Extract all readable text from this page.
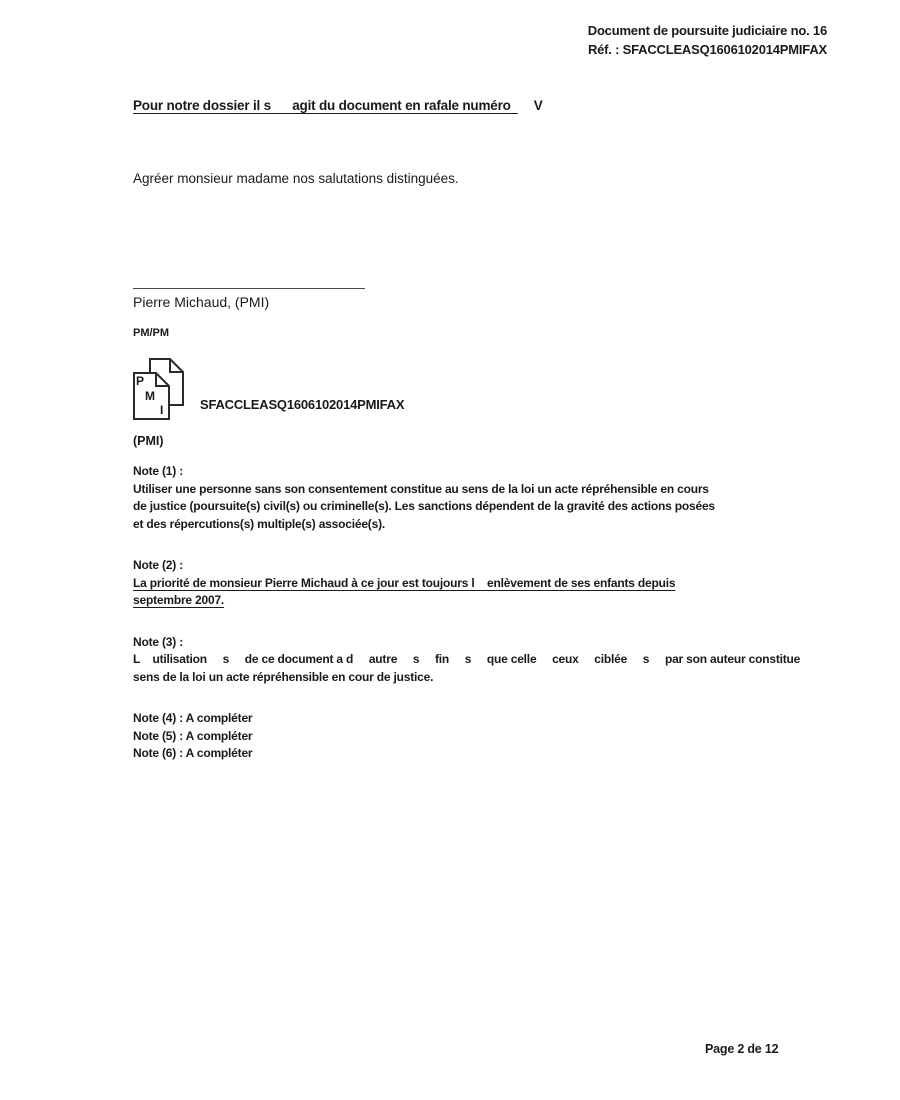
Document de poursuite judiciaire no. 16
Réf. : SFACCLEASQ1606102014PMIFAX
Pour notre dossier il s      agit du document en rafale numéro  V
Agréer monsieur madame nos salutations distinguées.
Pierre Michaud, (PMI)
PM/PM
P
M
I	SFACCLEASQ1606102014PMIFAX
(PMI)
Note (1) :
Utiliser une personne sans son consentement constitue au sens de la loi un acte répréhensible en cours
de justice (poursuite(s) civil(s) ou criminelle(s). Les sanctions dépendent de la gravité des actions posées
et des répercutions(s) multiple(s) associée(s).
Note (2) :
La priorité de monsieur Pierre Michaud à ce jour est toujours l    enlèvement de ses enfants depuis
septembre 2007.
Note (3) :
L    utilisation     s     de ce document a d     autre     s     fin     s     que celle     ceux     ciblée     s     par son auteur constitue
sens de la loi un acte répréhensible en cour de justice.
Note (4) : A compléter
Note (5) : A compléter
Note (6) : A compléter
Page 2 de 12
